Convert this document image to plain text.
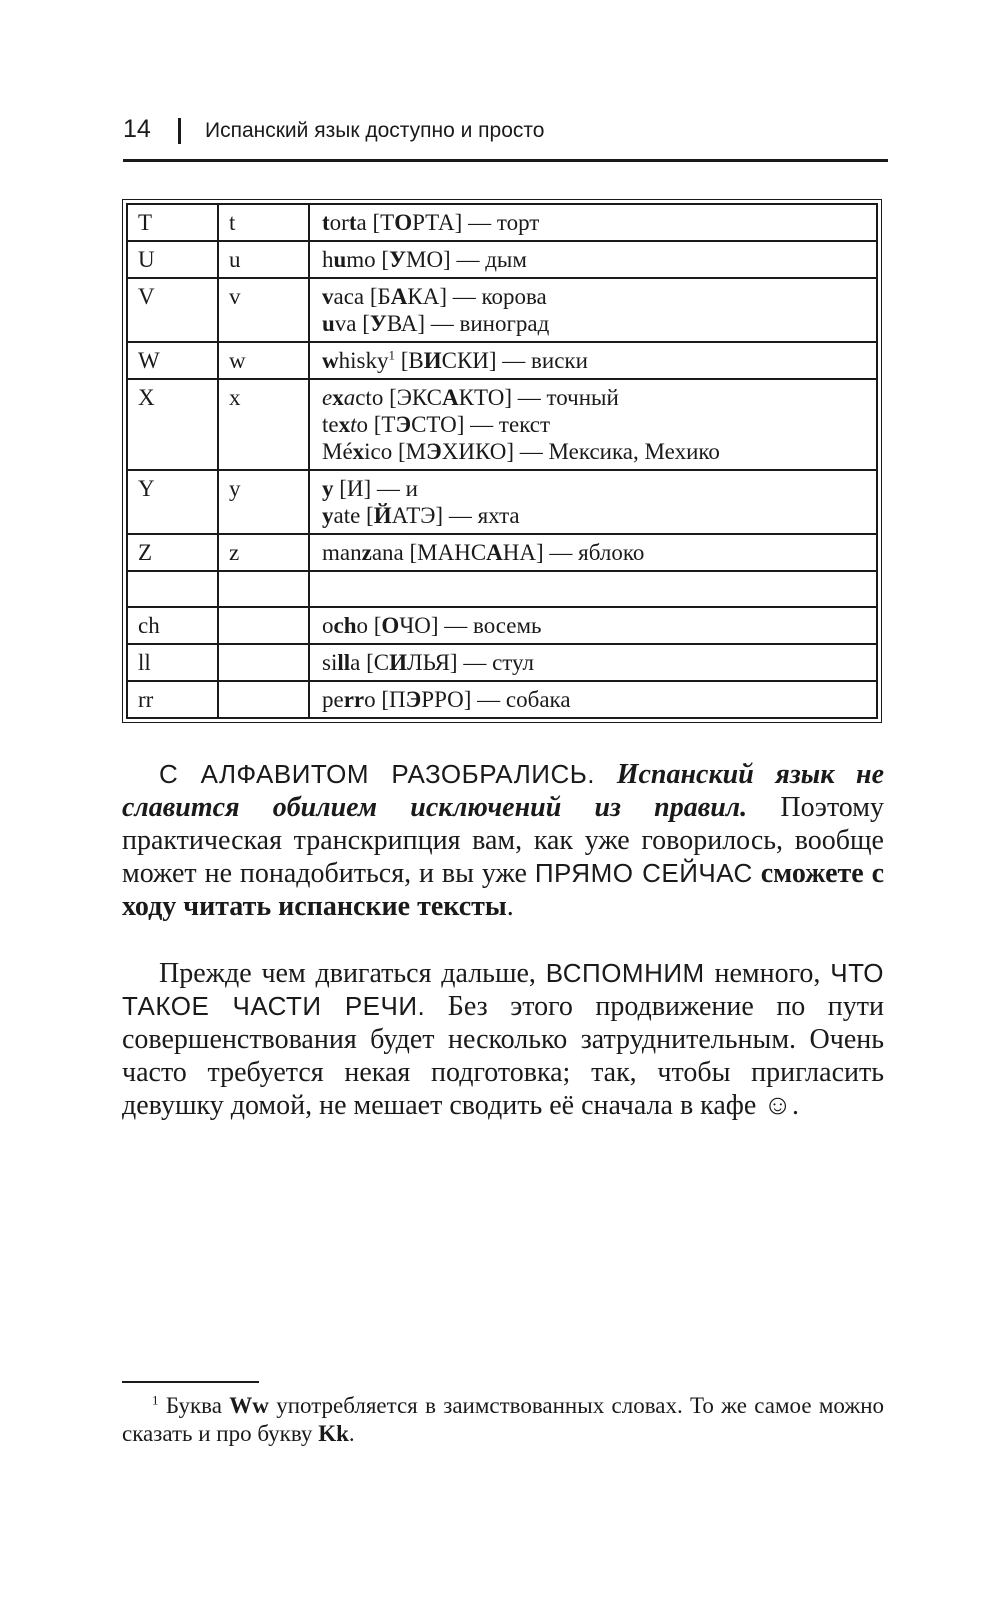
14	Испанский язык доступно и просто
T	t	torta [ТОРТА] — торт

U	u	humo [УМО] — дым

V	v	vaca [БАКА] — корова
uva [УВА] — виноград

W	w	whisky$^1$ [ВИСКИ] — виски

X	x	exacto [ЭКСАКТО] — точный
texto [ТЭСТО] — текст
México [МЭХИКО] — Мексика, Мехико

Y	y	y [И] — и
yate [ЙАТЭ] — яхта

Z	z	manzana [МАНСАНА] — яблоко

ch		ocho [ОЧО] — восемь

ll		silla [СИЛЬЯ] — стул

rr		perro [ПЭРРО] — собака
С АЛФАВИТОМ РАЗОБРАЛИСЬ. Испанский язык не славится обилием исключений из правил. Поэтому практическая транскрипция вам, как уже говорилось, вообще может не понадобиться, и вы уже ПРЯМО СЕЙЧАС сможете с ходу читать испанские тексты.
Прежде чем двигаться дальше, ВСПОМНИМ немного, ЧТО ТАКОЕ ЧАСТИ РЕЧИ. Без этого продвижение по пути совершенствования будет несколько затруднительным. Очень часто требуется некая подготовка; так, чтобы пригласить девушку домой, не мешает сводить её сначала в кафе ☺.
$^1$ Буква Ww употребляется в заимствованных словах. То же самое можно сказать и про букву Kk.
